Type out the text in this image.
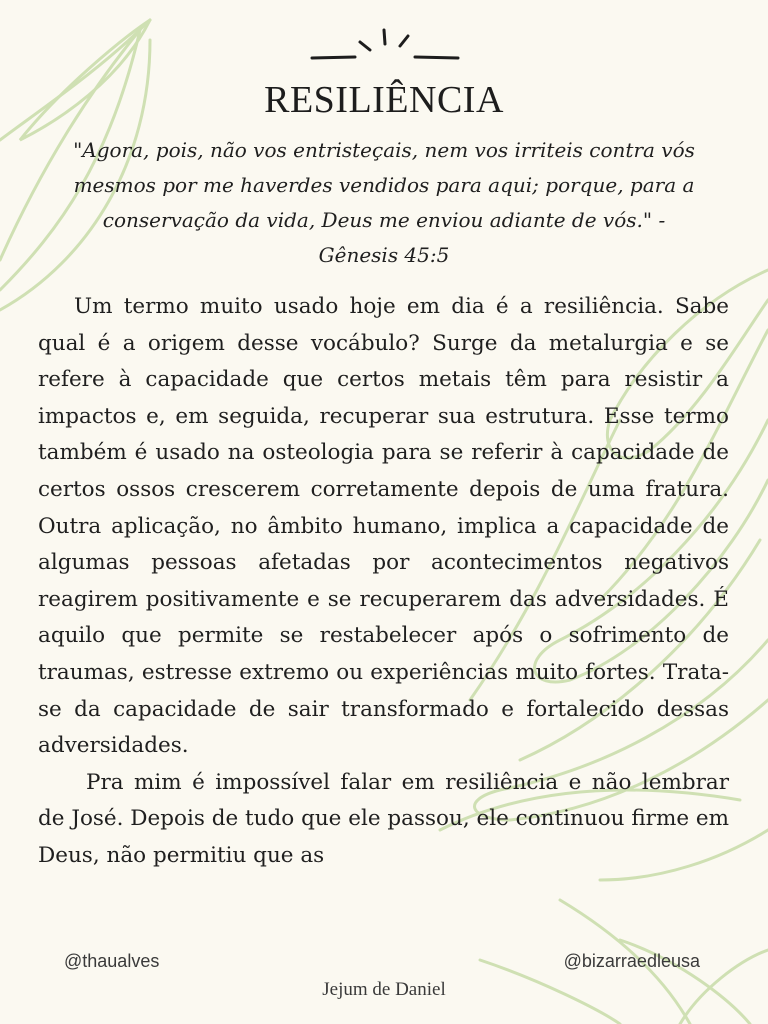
RESILIÊNCIA

"Agora, pois, não vos entristeçais, nem vos irriteis contra vós mesmos por me haverdes vendidos para aqui; porque, para a conservação da vida, Deus me enviou adiante de vós." -
Gênesis 45:5

Um termo muito usado hoje em dia é a resiliência. Sabe qual é a origem desse vocábulo? Surge da metalurgia e se refere à capacidade que certos metais têm para resistir a impactos e, em seguida, recuperar sua estrutura. Esse termo também é usado na osteologia para se referir à capacidade de certos ossos crescerem corretamente depois de uma fratura. Outra aplicação, no âmbito humano, implica a capacidade de algumas pessoas afetadas por acontecimentos negativos reagirem positivamente e se recuperarem das adversidades. É aquilo que permite se restabelecer após o sofrimento de traumas, estresse extremo ou experiências muito fortes. Trata-se da capacidade de sair transformado e fortalecido dessas adversidades.

Pra mim é impossível falar em resiliência e não lembrar de José. Depois de tudo que ele passou, ele continuou firme em Deus, não permitiu que as

@thaualves	@bizarraedleusa
Jejum de Daniel
